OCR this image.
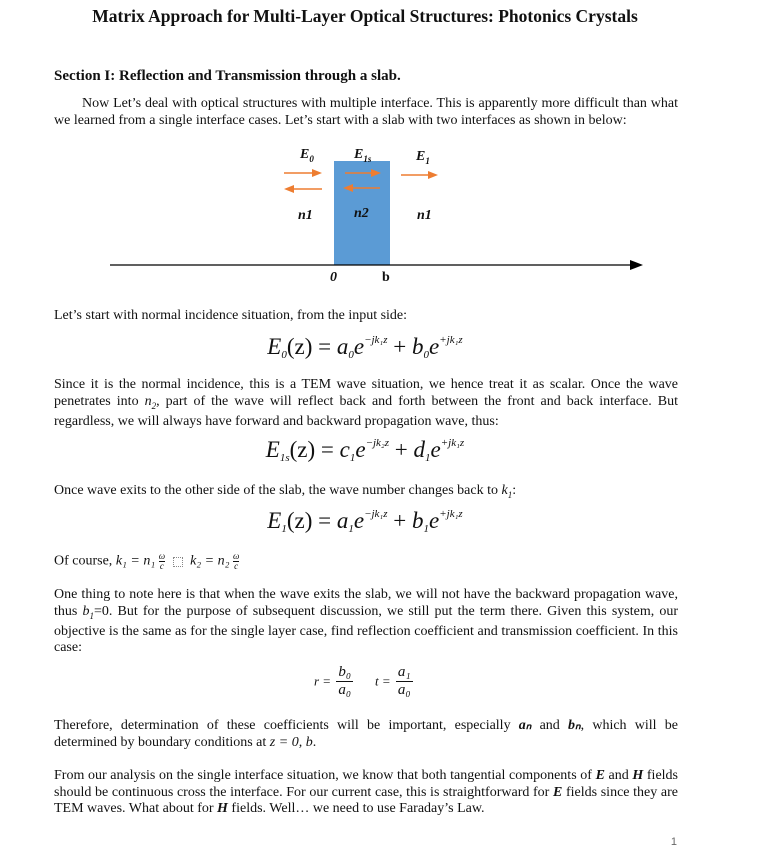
Matrix Approach for Multi-Layer Optical Structures: Photonics Crystals
Section I: Reflection and Transmission through a slab.
Now Let’s deal with optical structures with multiple interface. This is apparently more difficult than what we learned from a single interface cases. Let’s start with a slab with two interfaces as shown in below:
$E_0$	$E_{1s}$	$E_1$
n1	n2	n1
0	b
Let’s start with normal incidence situation, from the input side:
$E0(z) = a0e^{-jk_1z} + b0e^{+jk_1z}$
Since it is the normal incidence, this is a TEM wave situation, we hence treat it as scalar. Once the wave penetrates into $n_2$, part of the wave will reflect back and forth between the front and back interface. But regardless, we will always have forward and backward propagation wave, thus:
$E1s(z) = c1e^{-jk_2z} + d1e^{+jk_1z}$
Once wave exits to the other side of the slab, the wave number changes back to $k_1$:
$E1(z) = a1e^{-jk_1z} + b1e^{+jk_1z}$
Of course, $k_1 = n_1 \frac{\omega}{c} k_2 = n_2 \frac{\omega}{c}$
One thing to note here is that when the wave exits the slab, we will not have the backward propagation wave, thus $b_1=0$. But for the purpose of subsequent discussion, we still put the term there. Given this system, our objective is the same as for the single layer case, find reflection coefficient and transmission coefficient. In this case:
$r = \frac{\text{b₀}}{\text{a₀}}$ $t = \frac{\text{a₁}}{\text{a₀}}$
Therefore, determination of these coefficients will be important, especially aₙ and bₙ, which will be determined by boundary conditions at z = 0, b.
From our analysis on the single interface situation, we know that both tangential components of E and H fields should be continuous cross the interface. For our current case, this is straightforward for E fields since they are TEM waves. What about for H fields. Well… we need to use Faraday’s Law.
1
